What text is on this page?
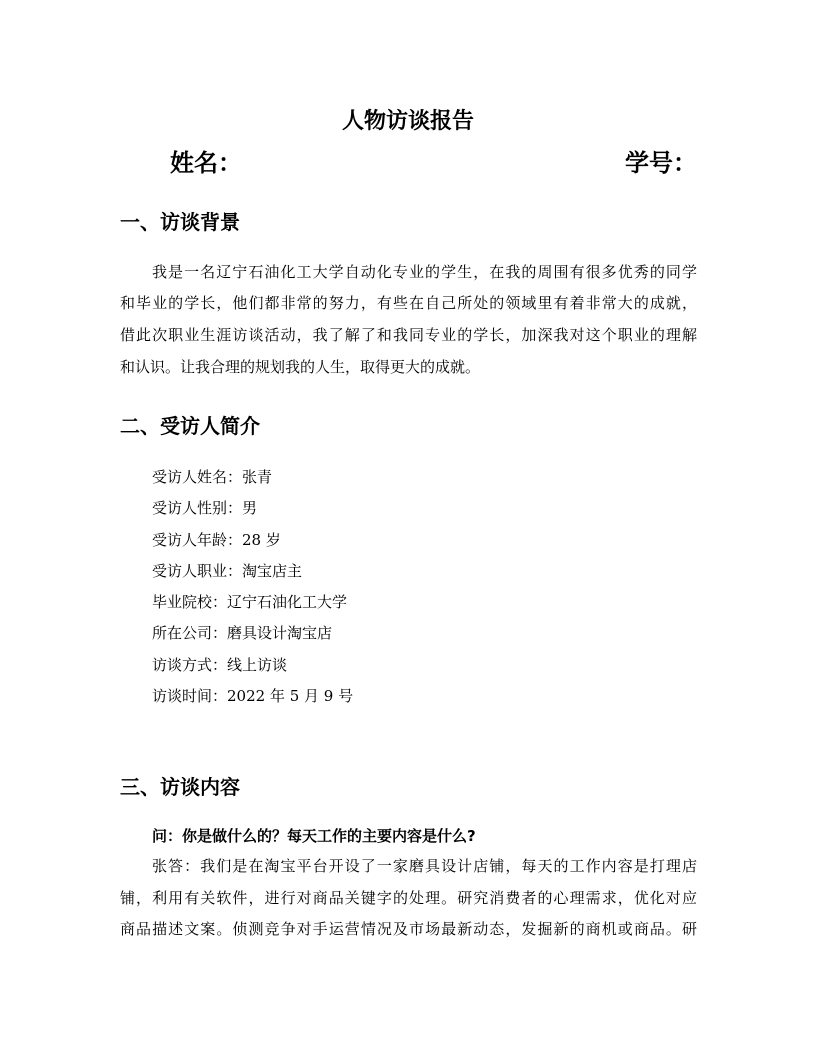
人物访谈报告
姓名：	学号：
一、访谈背景
我是一名辽宁石油化工大学自动化专业的学生，在我的周围有很多优秀的同学
和毕业的学长，他们都非常的努力，有些在自己所处的领域里有着非常大的成就，
借此次职业生涯访谈活动，我了解了和我同专业的学长，加深我对这个职业的理解
和认识。让我合理的规划我的人生，取得更大的成就。
二、受访人简介
受访人姓名：张青
受访人性别：男
受访人年龄：28 岁
受访人职业：淘宝店主
毕业院校：辽宁石油化工大学
所在公司：磨具设计淘宝店
访谈方式：线上访谈
访谈时间：2022 年 5 月 9 号
三、访谈内容
问：你是做什么的？每天工作的主要内容是什么?
张答：我们是在淘宝平台开设了一家磨具设计店铺，每天的工作内容是打理店
铺，利用有关软件，进行对商品关键字的处理。研究消费者的心理需求，优化对应
商品描述文案。侦测竞争对手运营情况及市场最新动态，发掘新的商机或商品。研
